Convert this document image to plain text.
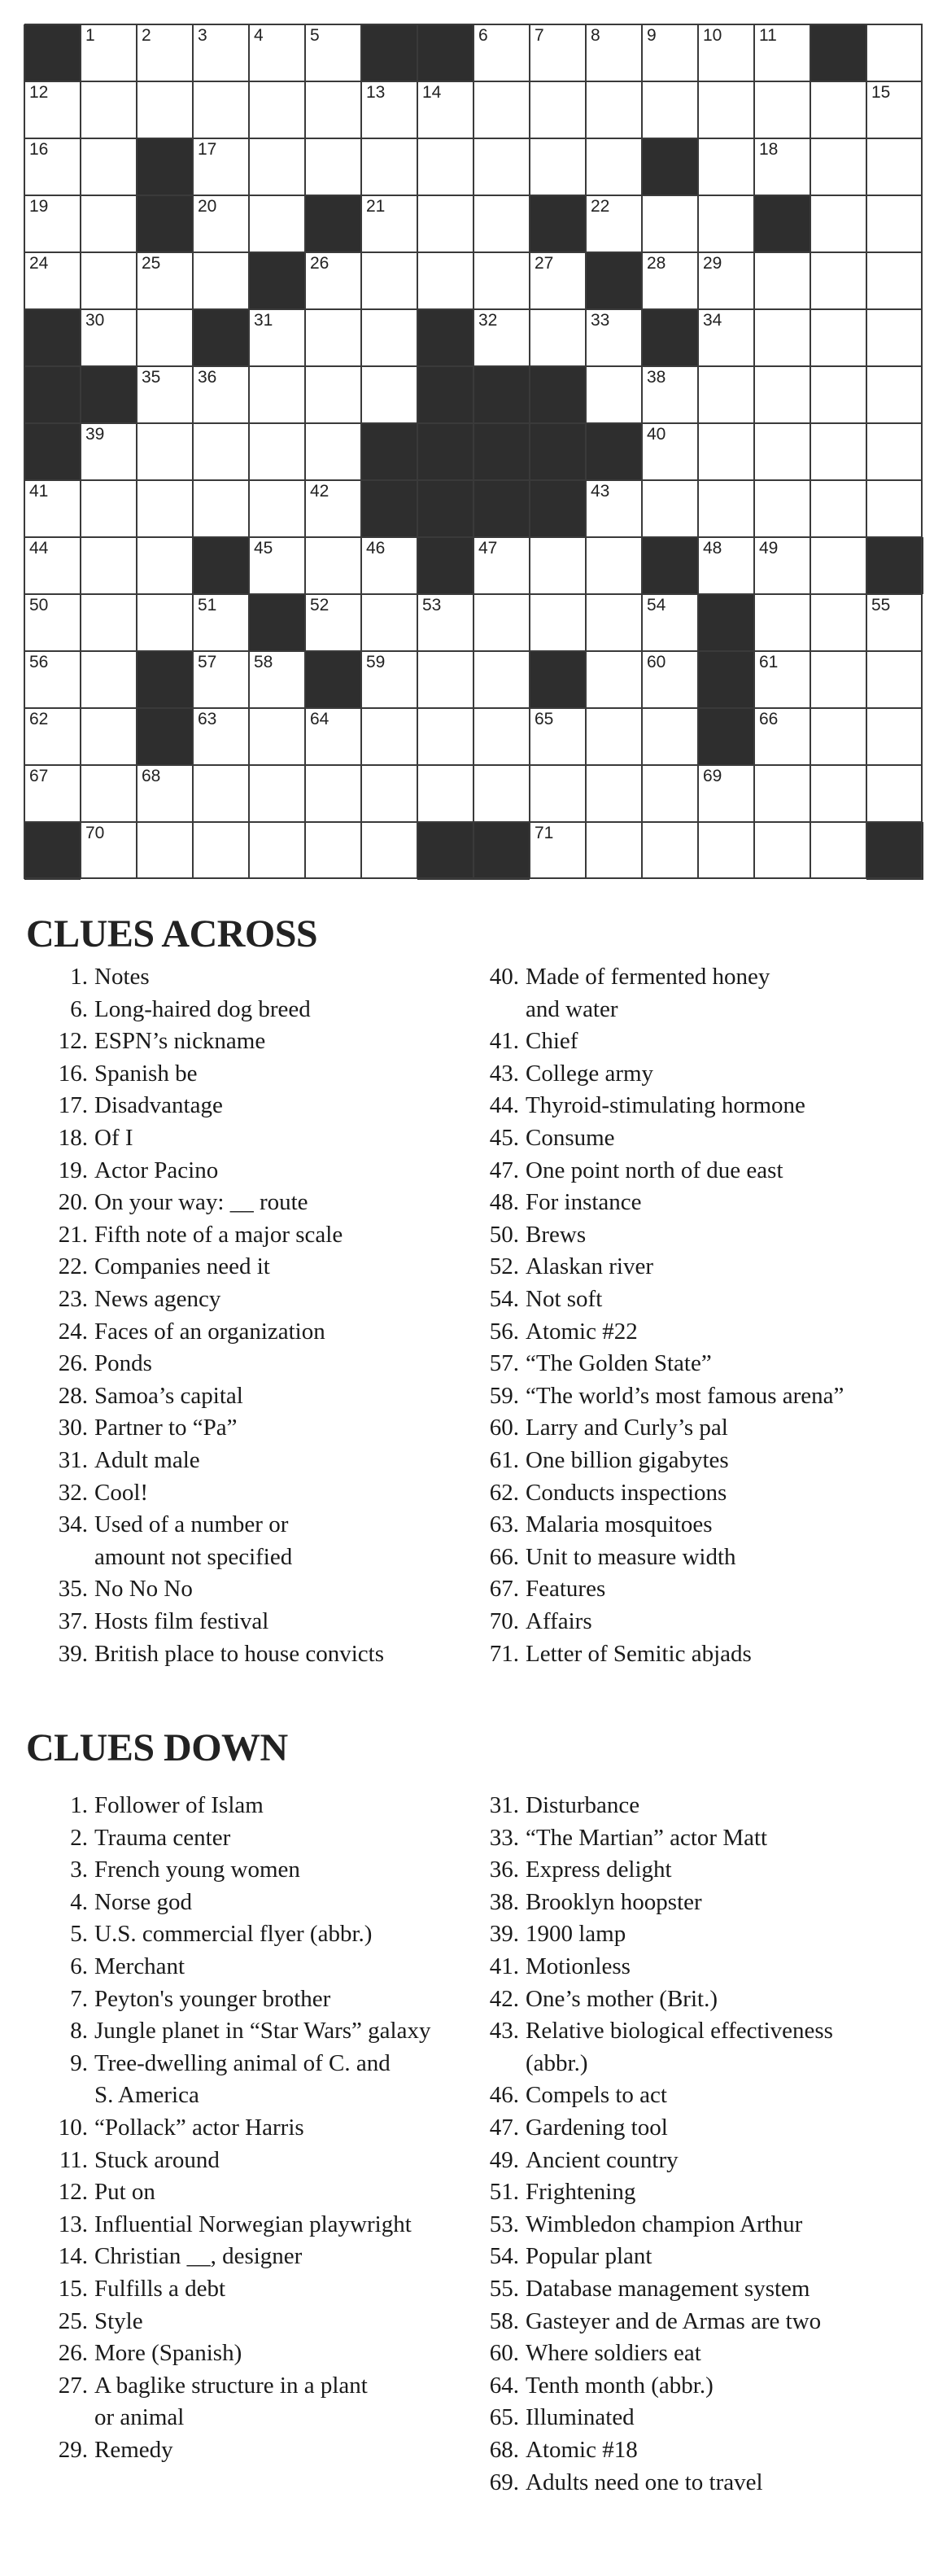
1	2	3	4	5	6	7	8	9	10 11
12	13 14	15
16	17	18
19	20	21	22
24	25	26	27	28 29
30	31	32	33	34
35 36	38
39	40
41	42	43
44	45	46	47	48 49
50	51	52	53	54	55
56	57 58	59	60	61
62	63	64	65	66
67	68	69
70	71
CLUES ACROSS
1. Notes
6. Long-haired dog breed
12. ESPN’s nickname
16. Spanish be
17. Disadvantage
18. Of I
19. Actor Pacino
20. On your way: __ route
21. Fifth note of a major scale
22. Companies need it
23. News agency
24. Faces of an organization
26. Ponds
28. Samoa’s capital
30. Partner to “Pa”
31. Adult male
32. Cool!
34. Used of a number or
amount not specified
35. No No No
37. Hosts film festival
39. British place to house convicts
40. Made of fermented honey
and water
41. Chief
43. College army
44. Thyroid-stimulating hormone
45. Consume
47. One point north of due east
48. For instance
50. Brews
52. Alaskan river
54. Not soft
56. Atomic #22
57. “The Golden State”
59. “The world’s most famous arena”
60. Larry and Curly’s pal
61. One billion gigabytes
62. Conducts inspections
63. Malaria mosquitoes
66. Unit to measure width
67. Features
70. Affairs
71. Letter of Semitic abjads
CLUES DOWN
1. Follower of Islam
2. Trauma center
3. French young women
4. Norse god
5. U.S. commercial flyer (abbr.)
6. Merchant
7. Peyton's younger brother
8. Jungle planet in “Star Wars” galaxy
9. Tree-dwelling animal of C. and
S. America
10. “Pollack” actor Harris
11. Stuck around
12. Put on
13. Influential Norwegian playwright
14. Christian __, designer
15. Fulfills a debt
25. Style
26. More (Spanish)
27. A baglike structure in a plant
or animal
29. Remedy
31. Disturbance
33. “The Martian” actor Matt
36. Express delight
38. Brooklyn hoopster
39. 1900 lamp
41. Motionless
42. One’s mother (Brit.)
43. Relative biological effectiveness
(abbr.)
46. Compels to act
47. Gardening tool
49. Ancient country
51. Frightening
53. Wimbledon champion Arthur
54. Popular plant
55. Database management system
58. Gasteyer and de Armas are two
60. Where soldiers eat
64. Tenth month (abbr.)
65. Illuminated
68. Atomic #18
69. Adults need one to travel
